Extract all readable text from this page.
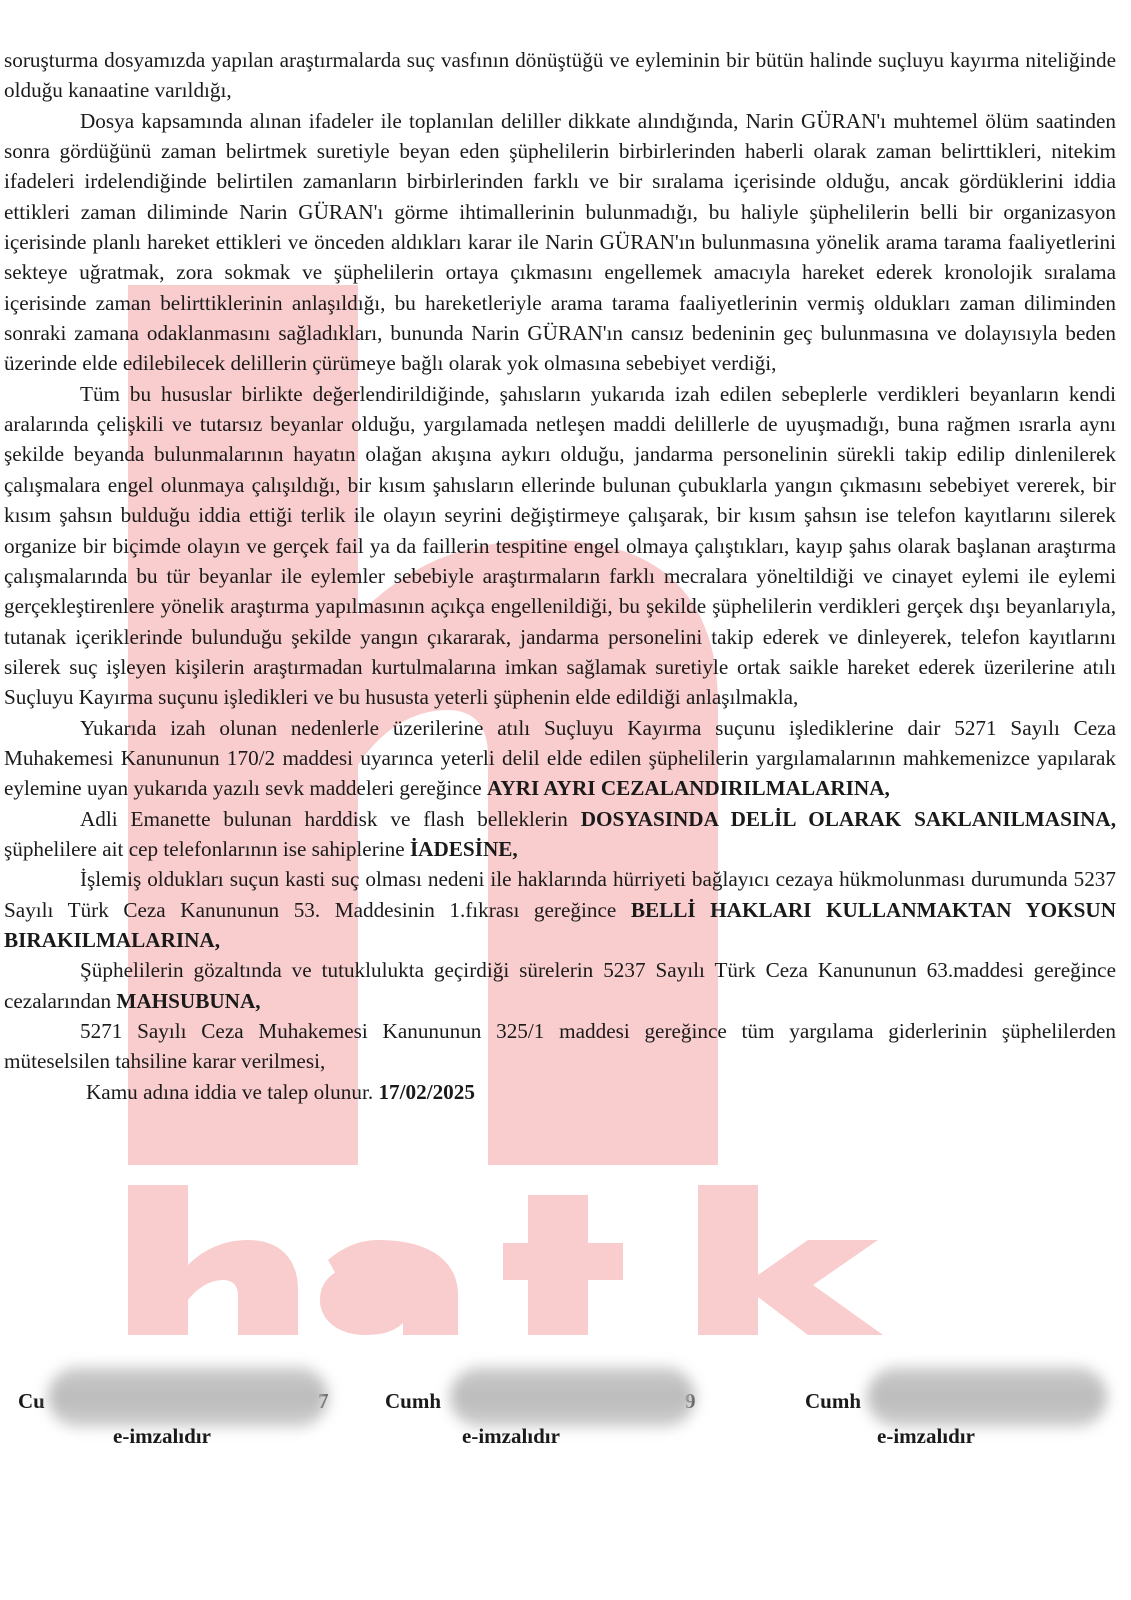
soruşturma dosyamızda yapılan araştırmalarda suç vasfının dönüştüğü ve eyleminin bir bütün halinde suçluyu kayırma niteliğinde olduğu kanaatine varıldığı,

Dosya kapsamında alınan ifadeler ile toplanılan deliller dikkate alındığında, Narin GÜRAN'ı muhtemel ölüm saatinden sonra gördüğünü zaman belirtmek suretiyle beyan eden şüphelilerin birbirlerinden haberli olarak zaman belirttikleri, nitekim ifadeleri irdelendiğinde belirtilen zamanların birbirlerinden farklı ve bir sıralama içerisinde olduğu, ancak gördüklerini iddia ettikleri zaman diliminde Narin GÜRAN'ı görme ihtimallerinin bulunmadığı, bu haliyle şüphelilerin belli bir organizasyon içerisinde planlı hareket ettikleri ve önceden aldıkları karar ile Narin GÜRAN'ın bulunmasına yönelik arama tarama faaliyetlerini sekteye uğratmak, zora sokmak ve şüphelilerin ortaya çıkmasını engellemek amacıyla hareket ederek kronolojik sıralama içerisinde zaman belirttiklerinin anlaşıldığı, bu hareketleriyle arama tarama faaliyetlerinin vermiş oldukları zaman diliminden sonraki zamana odaklanmasını sağladıkları, bununda Narin GÜRAN'ın cansız bedeninin geç bulunmasına ve dolayısıyla beden üzerinde elde edilebilecek delillerin çürümeye bağlı olarak yok olmasına sebebiyet verdiği,

Tüm bu hususlar birlikte değerlendirildiğinde, şahısların yukarıda izah edilen sebeplerle verdikleri beyanların kendi aralarında çelişkili ve tutarsız beyanlar olduğu, yargılamada netleşen maddi delillerle de uyuşmadığı, buna rağmen ısrarla aynı şekilde beyanda bulunmalarının hayatın olağan akışına aykırı olduğu, jandarma personelinin sürekli takip edilip dinlenilerek çalışmalara engel olunmaya çalışıldığı, bir kısım şahısların ellerinde bulunan çubuklarla yangın çıkmasını sebebiyet vererek, bir kısım şahsın bulduğu iddia ettiği terlik ile olayın seyrini değiştirmeye çalışarak, bir kısım şahsın ise telefon kayıtlarını silerek organize bir biçimde olayın ve gerçek fail ya da faillerin tespitine engel olmaya çalıştıkları, kayıp şahıs olarak başlanan araştırma çalışmalarında bu tür beyanlar ile eylemler sebebiyle araştırmaların farklı mecralara yöneltildiği ve cinayet eylemi ile eylemi gerçekleştirenlere yönelik araştırma yapılmasının açıkça engellenildiği, bu şekilde şüphelilerin verdikleri gerçek dışı beyanlarıyla, tutanak içeriklerinde bulunduğu şekilde yangın çıkararak, jandarma personelini takip ederek ve dinleyerek, telefon kayıtlarını silerek suç işleyen kişilerin araştırmadan kurtulmalarına imkan sağlamak suretiyle ortak saikle hareket ederek üzerilerine atılı Suçluyu Kayırma suçunu işledikleri ve bu hususta yeterli şüphenin elde edildiği anlaşılmakla,

Yukarıda izah olunan nedenlerle üzerilerine atılı Suçluyu Kayırma suçunu işlediklerine dair 5271 Sayılı Ceza Muhakemesi Kanununun 170/2 maddesi uyarınca yeterli delil elde edilen şüphelilerin yargılamalarının mahkemenizce yapılarak eylemine uyan yukarıda yazılı sevk maddeleri gereğince AYRI AYRI CEZALANDIRILMALARINA,

Adli Emanette bulunan harddisk ve flash belleklerin DOSYASINDA DELİL OLARAK SAKLANILMASINA, şüphelilere ait cep telefonlarının ise sahiplerine İADESİNE,

İşlemiş oldukları suçun kasti suç olması nedeni ile haklarında hürriyeti bağlayıcı cezaya hükmolunması durumunda 5237 Sayılı Türk Ceza Kanununun 53. Maddesinin 1.fıkrası gereğince BELLİ HAKLARI KULLANMAKTAN YOKSUN BIRAKILMALARINA,

Şüphelilerin gözaltında ve tutuklulukta geçirdiği sürelerin 5237 Sayılı Türk Ceza Kanununun 63.maddesi gereğince cezalarından MAHSUBUNA,

5271 Sayılı Ceza Muhakemesi Kanununun 325/1 maddesi gereğince tüm yargılama giderlerinin şüphelilerden müteselsilen tahsiline karar verilmesi,

Kamu adına iddia ve talep olunur. 17/02/2025

Cu
e-imzalıdır
Cumh
e-imzalıdır
Cumh
e-imzalıdır
